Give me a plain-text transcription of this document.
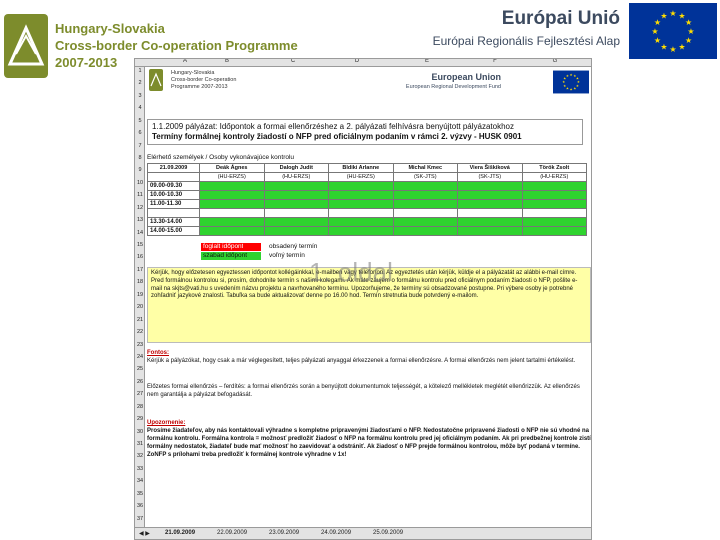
Hungary-Slovakia
Cross-border Co-operation Programme
2007-2013
Európai Unió
Európai Regionális Fejlesztési Alap
★ ★
★
★
★
★
★
★
★
★
★
★
A	B	C	D	E	F	G
1
2
3
4
5
6
7
8
9
10
11
12
13
14
15
16
17
18
19
20
21
22
23
24
25
26
27
28
29
30
31
32
33
34
35
36
37
Hungary-Slovakia
Cross-border Co-operation
Programme 2007-2013
European Union
European Regional Development Fund
★ ★
★
★
★
★
★
★
★
★
★
★
1.1.2009 pályázat: Időpontok a formai ellenőrzéshez a 2. pályázati felhívásra benyújtott pályázatokhoz
Termíny formálnej kontroly žiadostí o NFP pred oficiálnym podaním v rámci 2. výzvy - HUSK 0901
Elérhető személyek / Osoby vykonávajúce kontrolu
21.09.2009	Deák Ágnes	Dalogh Judit	Bldiki Arlanne	Michal Kmec	Viera Šiškiková	Török Zsolt
	(HU-ERZS)	(HU-ERZS)	(HU-ERZS)	(SK-JTS)	(SK-JTS)	(HU-ERZS)
09.00-09.30						
10.00-10.30						
11.00-11.30						

13.30-14.00						
14.00-15.00						
foglalt időpont
szabad időpont
obsadený termín
voľný termín
Kérjük, hogy előzetesen egyeztessen időpontot kollégáinkkal, e-mailben vagy telefonon. Az egyeztetés után kérjük, küldje el a pályázatát az alábbi e-mail címre. Pred formálnou kontrolou si, prosím, dohodnite termín s našimi kolegami. Ak máte záujem o formálnu kontrolu pred oficiálnym podaním žiadosti o NFP, pošlite e-mail na skjts@vati.hu s uvedením názvu projektu a navrhovaného termínu. Upozorňujeme, že termíny sú obsadzované postupne. Pri výbere osoby je potrebné zohľadniť jazykové znalosti. Tabuľka sa bude aktualizovať denne po 16.00 hod. Termín stretnutia bude potvrdený e-mailom.
1. oldal
Fontos:
Kérjük a pályázókat, hogy csak a már véglegesített, teljes pályázati anyaggal érkezzenek a formai ellenőrzésre. A formai ellenőrzés nem jelent tartalmi értékelést.
Előzetes formai ellenőrzés – ferdítés: a formai ellenőrzés során a benyújtott dokumentumok teljességét, a kötelező mellékletek meglétét ellenőrizzük. Az ellenőrzés nem garantálja a pályázat befogadását.
Upozornenie:
Prosíme žiadateľov, aby nás kontaktovali výhradne s kompletne pripravenými žiadosťami o NFP. Nedostatočne pripravené žiadosti o NFP nie sú vhodné na formálnu kontrolu. Formálna kontrola = možnosť predložiť žiadosť o NFP na formálnu kontrolu pred jej oficiálnym podaním. Ak pri predbežnej kontrole zistí formálny nedostatok, žiadateľ bude mať možnosť ho zaevidovať a odstrániť. Ak žiadosť o NFP prejde formálnou kontrolou, môže byť podaná v termíne. ZoNFP s prílohami treba predložiť k formálnej kontrole výhradne v 1x!
◀ ▶	21.09.2009	22.09.2009	23.09.2009	24.09.2009	25.09.2009
